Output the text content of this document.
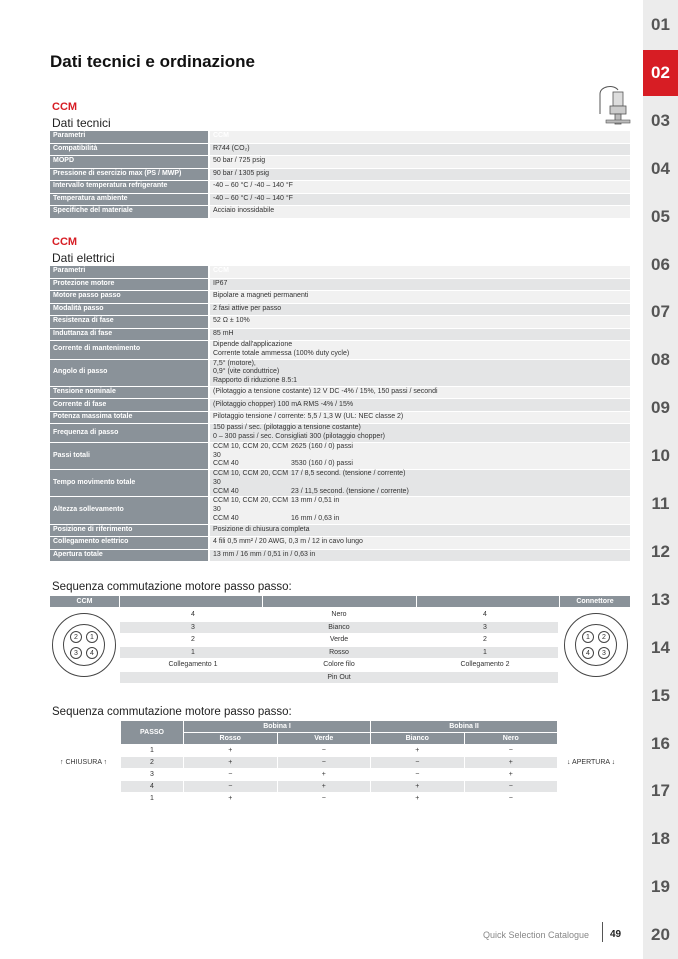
01
02
03
04
05
06
07
08
09
10
11
12
13
14
15
16
17
18
19
20
Dati tecnici e ordinazione
CCM
Dati tecnici
Parametri	CCM
Compatibilità	R744 (CO₂)
MOPD	50 bar / 725 psig
Pressione di esercizio max (PS / MWP)	90 bar / 1305 psig
Intervallo temperatura refrigerante	-40 – 60 °C / -40 – 140 °F
Temperatura ambiente	-40 – 60 °C / -40 – 140 °F
Specifiche del materiale	Acciaio inossidabile
CCM
Dati elettrici
Parametri	CCM
Protezione motore	IP67

Motore passo passo	Bipolare a magneti permanenti

Modalità passo	2 fasi attive per passo

Resistenza di fase	52 Ω ± 10%

Induttanza di fase	85 mH

Corrente di mantenimento	Dipende dall'applicazione
Corrente totale ammessa (100% duty cycle)

Angolo di passo	7,5° (motore),
0,9° (vite conduttrice)
Rapporto di riduzione 8.5:1

Tensione nominale	(Pilotaggio a tensione costante) 12 V DC -4% / 15%, 150 passi / secondi

Corrente di fase	(Pilotaggio chopper) 100 mA RMS -4% / 15%

Potenza massima totale	Pilotaggio tensione / corrente: 5,5 / 1,3 W (UL: NEC classe 2)

Frequenza di passo	150 passi / sec. (pilotaggio a tensione costante)
0 – 300 passi / sec. Consigliati 300 (pilotaggio chopper)

Passi totali	CCM 10, CCM 20, CCM 30
2625 (160 / 0) passi
CCM 40 3530 (160 / 0) passi

Tempo movimento totale	CCM 10, CCM 20, CCM 30
17 / 8,5 second. (tensione / corrente)
CCM 40 23 / 11,5 second. (tensione / corrente)

Altezza sollevamento	CCM 10, CCM 20, CCM 30
13 mm / 0,51 in
CCM 40 16 mm / 0,63 in

Posizione di riferimento	Posizione di chiusura completa

Collegamento elettrico	4 fili 0,5 mm² / 20 AWG, 0,3 m / 12 in cavo lungo

Apertura totale	13 mm / 16 mm / 0,51 in / 0,63 in
Sequenza commutazione motore passo passo:
CCM	Connettore
4	Nero	4
3	Bianco	3
2	Verde	2
1	Rosso	1
Collegamento 1	Colore filo	Collegamento 2
Pin Out
2	1
3	4
1	2
4	3
Sequenza commutazione motore passo passo:
PASSO	Bobina I		Bobina II	
	Rosso	Verde	Bianco	Nero
1	+	−	+	−
2	+	−	−	+
3	−	+	−	+
4	−	+	+	−
1	+	−	+	−
↑ CHIUSURA ↑	↓ APERTURA ↓
Quick Selection Catalogue 49
